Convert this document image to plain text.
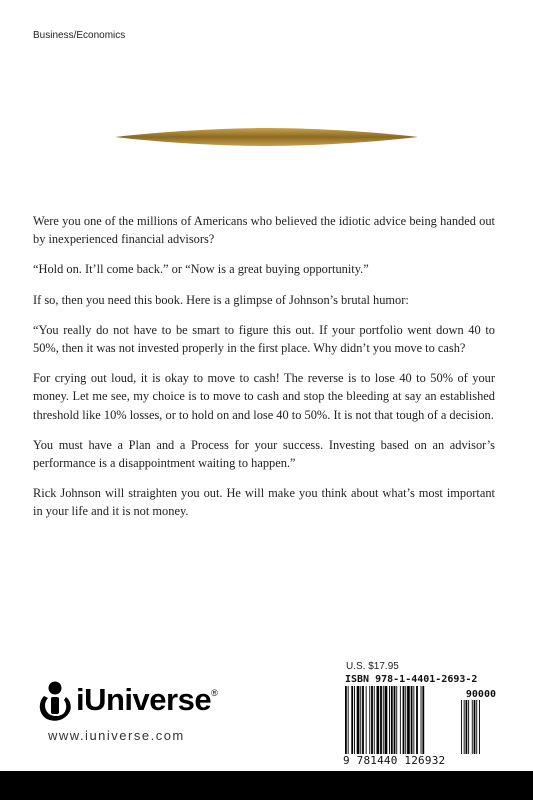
Business/Economics

Were you one of the millions of Americans who believed the idiotic advice being handed out by inexperienced financial advisors?

“Hold on. It’ll come back.” or “Now is a great buying opportunity.”

If so, then you need this book. Here is a glimpse of Johnson’s brutal humor:

“You really do not have to be smart to figure this out. If your portfolio went down 40 to 50%, then it was not invested properly in the first place. Why didn’t you move to cash?

For crying out loud, it is okay to move to cash! The reverse is to lose 40 to 50% of your money. Let me see, my choice is to move to cash and stop the bleeding at say an established threshold like 10% losses, or to hold on and lose 40 to 50%. It is not that tough of a decision.

You must have a Plan and a Process for your success. Investing based on an advisor’s performance is a disappointment waiting to happen.”

Rick Johnson will straighten you out. He will make you think about what’s most important in your life and it is not money.

iUniverse®
www.iuniverse.com
U.S. $17.95
ISBN 978-1-4401-2693-2
90000
9 781440 126932
